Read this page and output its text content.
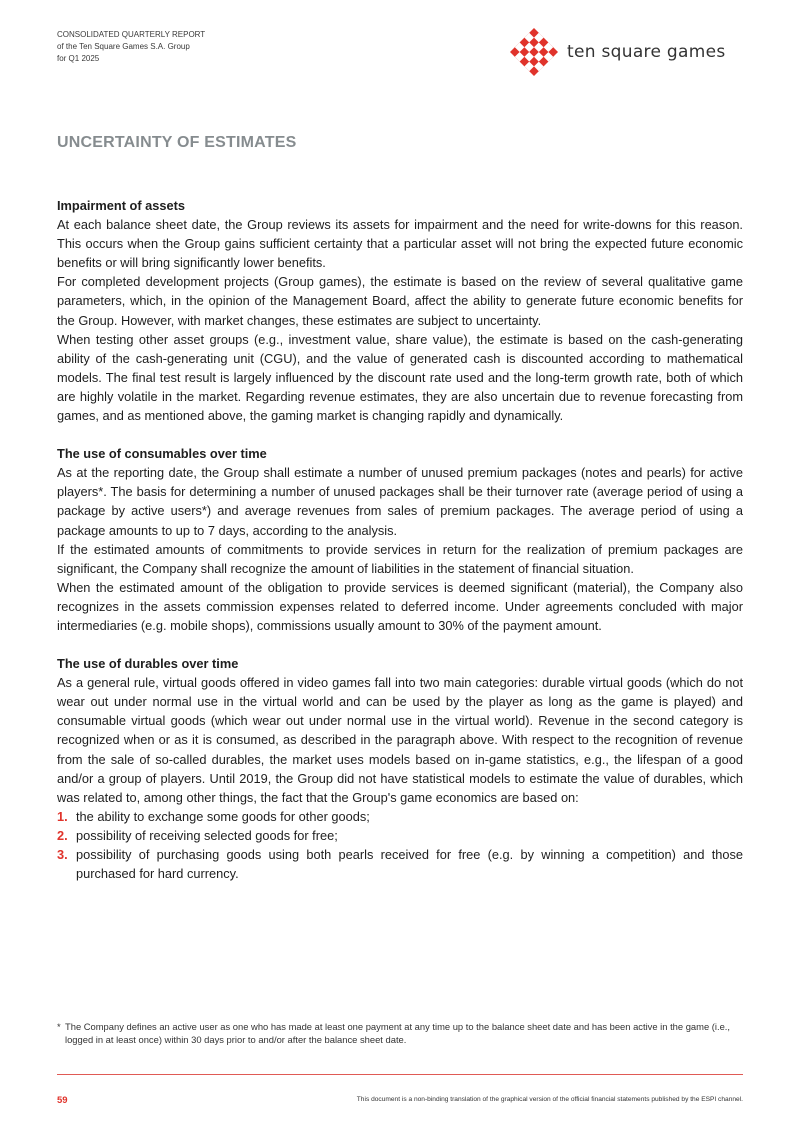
CONSOLIDATED QUARTERLY REPORT
of the Ten Square Games S.A. Group
for Q1 2025	ten square games
UNCERTAINTY OF ESTIMATES
Impairment of assets

At each balance sheet date, the Group reviews its assets for impairment and the need for write-downs for this reason. This occurs when the Group gains sufficient certainty that a particular asset will not bring the expected future economic benefits or will bring significantly lower benefits.

For completed development projects (Group games), the estimate is based on the review of several qualitative game parameters, which, in the opinion of the Management Board, affect the ability to generate future economic benefits for the Group. However, with market changes, these estimates are subject to uncertainty.

When testing other asset groups (e.g., investment value, share value), the estimate is based on the cash-generating ability of the cash-generating unit (CGU), and the value of generated cash is discounted according to mathematical models. The final test result is largely influenced by the discount rate used and the long-term growth rate, both of which are highly volatile in the market. Regarding revenue estimates, they are also uncertain due to revenue forecasting from games, and as mentioned above, the gaming market is changing rapidly and dynamically.

The use of consumables over time

As at the reporting date, the Group shall estimate a number of unused premium packages (notes and pearls) for active players*. The basis for determining a number of unused packages shall be their turnover rate (average period of using a package by active users*) and average revenues from sales of premium packages. The average period of using a package amounts to up to 7 days, according to the analysis.

If the estimated amounts of commitments to provide services in return for the realization of premium packages are significant, the Company shall recognize the amount of liabilities in the statement of financial situation.

When the estimated amount of the obligation to provide services is deemed significant (material), the Company also recognizes in the assets commission expenses related to deferred income. Under agreements concluded with major intermediaries (e.g. mobile shops), commissions usually amount to 30% of the payment amount.

The use of durables over time

As a general rule, virtual goods offered in video games fall into two main categories: durable virtual goods (which do not wear out under normal use in the virtual world and can be used by the player as long as the game is played) and consumable virtual goods (which wear out under normal use in the virtual world). Revenue in the second category is recognized when or as it is consumed, as described in the paragraph above. With respect to the recognition of revenue from the sale of so-called durables, the market uses models based on in-game statistics, e.g., the lifespan of a good and/or a group of players. Until 2019, the Group did not have statistical models to estimate the value of durables, which was related to, among other things, the fact that the Group's game economics are based on:

1. the ability to exchange some goods for other goods;
2. possibility of receiving selected goods for free;
3. possibility of purchasing goods using both pearls received for free (e.g. by winning a competition) and those purchased for hard currency.
* The Company defines an active user as one who has made at least one payment at any time up to the balance sheet date and has been active in the game (i.e., logged in at least once) within 30 days prior to and/or after the balance sheet date.
59	This document is a non-binding translation of the graphical version of the official financial statements published by the ESPI channel.
